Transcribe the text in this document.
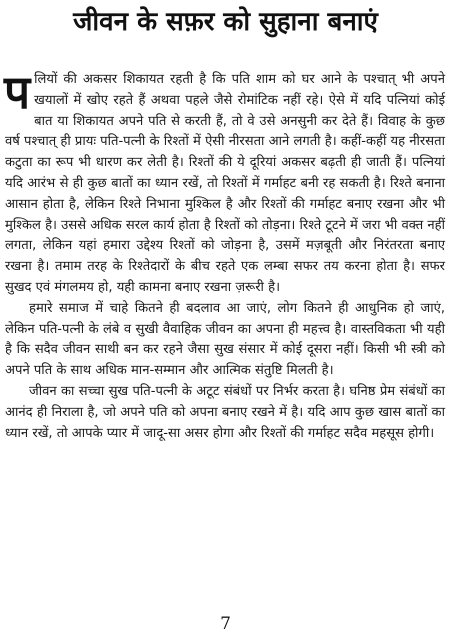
जीवन के सफ़र को सुहाना बनाएं

पलियों की अकसर शिकायत रहती है कि पति शाम को घर आने के पश्चात् भी अपने खयालों में खोए रहते हैं अथवा पहले जैसे रोमांटिक नहीं रहे। ऐसे में यदि पत्नियां कोई बात या शिकायत अपने पति से करती हैं, तो वे उसे अनसुनी कर देते हैं। विवाह के कुछ वर्ष पश्चात् ही प्रायः पति-पत्नी के रिश्तों में ऐसी नीरसता आने लगती है। कहीं-कहीं यह नीरसता कटुता का रूप भी धारण कर लेती है। रिश्तों की ये दूरियां अकसर बढ़ती ही जाती हैं। पत्नियां यदि आरंभ से ही कुछ बातों का ध्यान रखें, तो रिश्तों में गर्माहट बनी रह सकती है। रिश्ते बनाना आसान होता है, लेकिन रिश्ते निभाना मुश्किल है और रिश्तों की गर्माहट बनाए रखना और भी मुश्किल है। उससे अधिक सरल कार्य होता है रिश्तों को तोड़ना। रिश्ते टूटने में जरा भी वक्त नहीं लगता, लेकिन यहां हमारा उद्देश्य रिश्तों को जोड़ना है, उसमें मज़बूती और निरंतरता बनाए रखना है। तमाम तरह के रिश्तेदारों के बीच रहते एक लम्बा सफर तय करना होता है। सफर सुखद एवं मंगलमय हो, यही कामना बनाए रखना ज़रूरी है।

हमारे समाज में चाहे कितने ही बदलाव आ जाएं, लोग कितने ही आधुनिक हो जाएं, लेकिन पति-पत्नी के लंबे व सुखी वैवाहिक जीवन का अपना ही महत्त्व है। वास्तविकता भी यही है कि सदैव जीवन साथी बन कर रहने जैसा सुख संसार में कोई दूसरा नहीं। किसी भी स्त्री को अपने पति के साथ अधिक मान-सम्मान और आत्मिक संतुष्टि मिलती है।

जीवन का सच्चा सुख पति-पत्नी के अटूट संबंधों पर निर्भर करता है। घनिष्ठ प्रेम संबंधों का आनंद ही निराला है, जो अपने पति को अपना बनाए रखने में है। यदि आप कुछ खास बातों का ध्यान रखें, तो आपके प्यार में जादू-सा असर होगा और रिश्तों की गर्माहट सदैव महसूस होगी।

7
